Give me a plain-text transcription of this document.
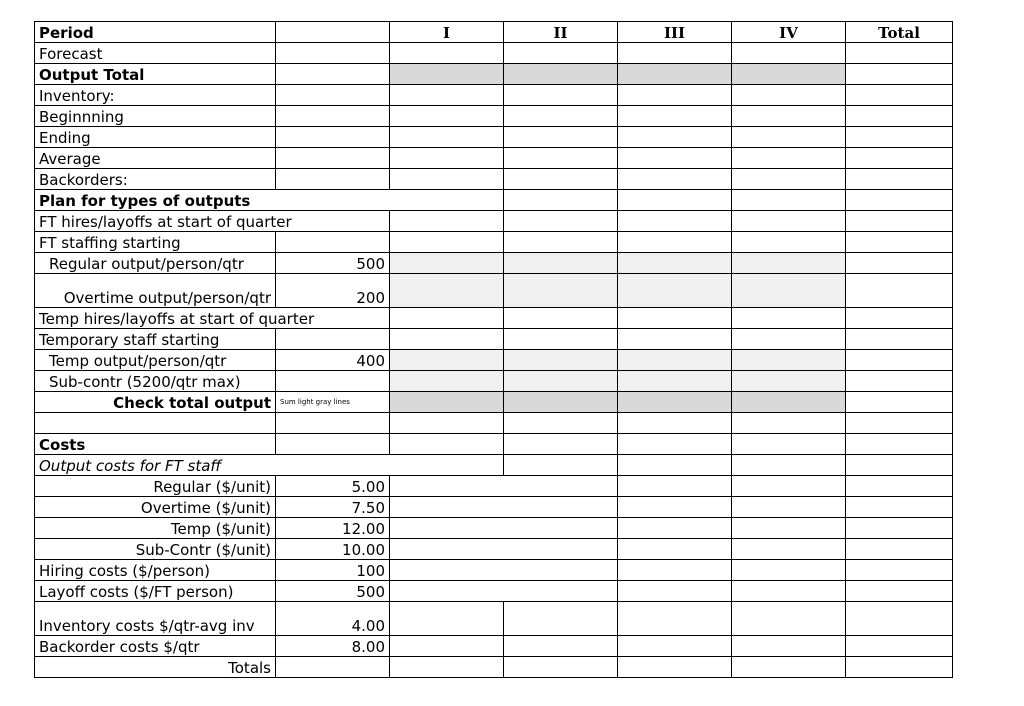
Period		I	II	III	IV	Total
Forecast						
Output Total						
Inventory:						
Beginnning						
Ending						
Average						
Backorders:						
Plan for types of outputs						
FT hires/layoffs at start of quarter						
FT staffing starting						
Regular output/person/qtr	500					
Overtime output/person/qtr	200					
Temp hires/layoffs at start of quarter						
Temporary staff starting						
Temp output/person/qtr	400					
Sub-contr (5200/qtr max)						
Check total output	Sum light gray lines					

Costs						
Output costs for FT staff						
Regular ($/unit)	5.00					
Overtime ($/unit)	7.50					
Temp ($/unit)	12.00					
Sub-Contr ($/unit)	10.00					
Hiring costs ($/person)	100					
Layoff costs ($/FT person)	500					
Inventory costs $/qtr-avg inv	4.00					
Backorder costs $/qtr	8.00					
Totals						
